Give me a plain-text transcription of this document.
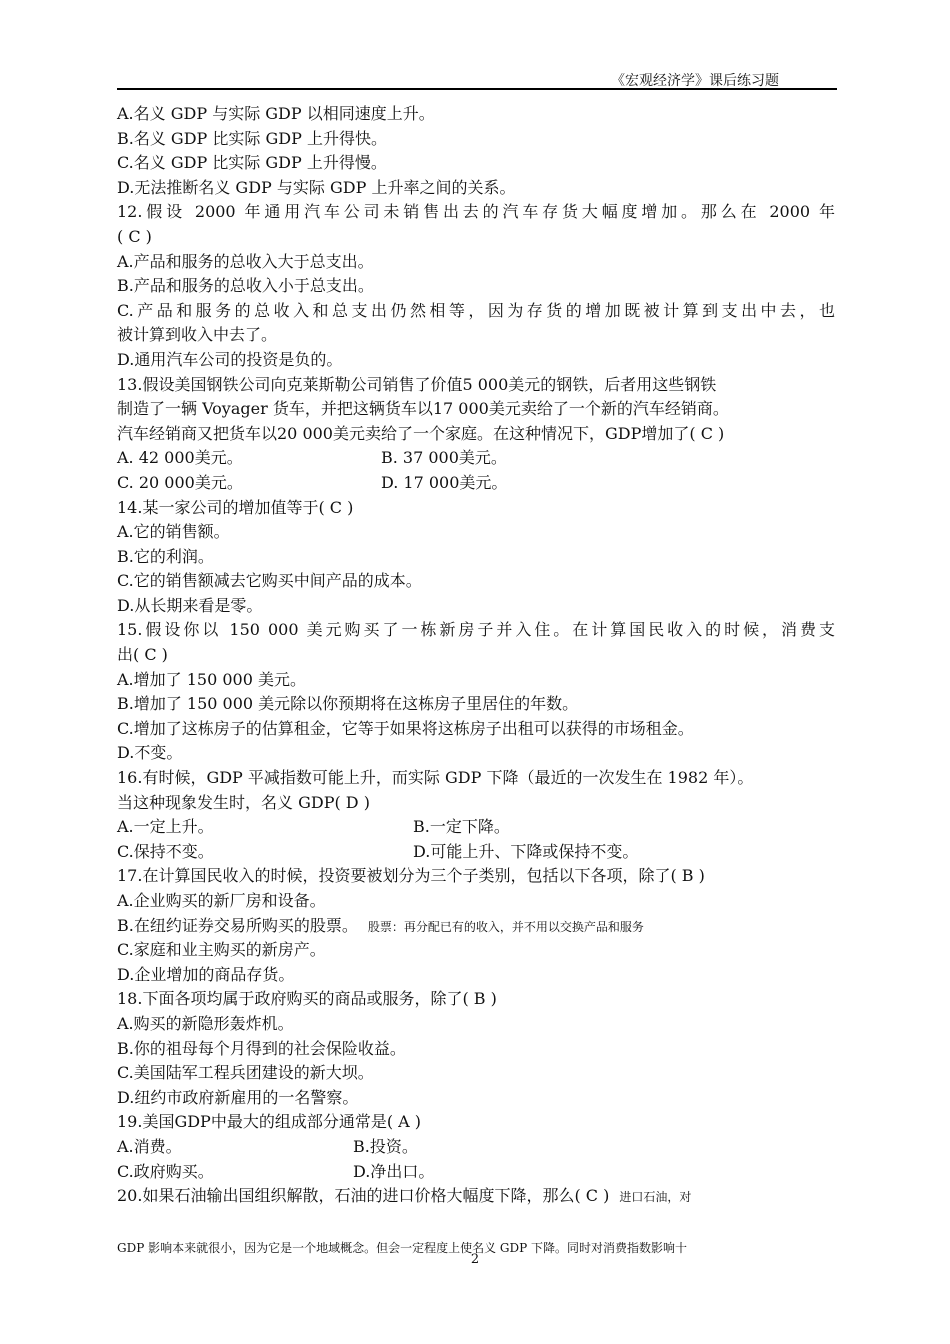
《宏观经济学》课后练习题
A.名义 GDP 与实际 GDP 以相同速度上升。
B.名义 GDP 比实际 GDP 上升得快。
C.名义 GDP 比实际 GDP 上升得慢。
D.无法推断名义 GDP 与实际 GDP 上升率之间的关系。
12.假设 2000 年通用汽车公司未销售出去的汽车存货大幅度增加。那么在 2000 年
( C )
A.产品和服务的总收入大于总支出。
B.产品和服务的总收入小于总支出。
C.产品和服务的总收入和总支出仍然相等，因为存货的增加既被计算到支出中去，也
被计算到收入中去了。
D.通用汽车公司的投资是负的。
13.假设美国钢铁公司向克莱斯勒公司销售了价值5 000美元的钢铁，后者用这些钢铁
制造了一辆 Voyager 货车，并把这辆货车以17 000美元卖给了一个新的汽车经销商。
汽车经销商又把货车以20 000美元卖给了一个家庭。在这种情况下，GDP增加了( C )
A. 42 000美元。	B. 37 000美元。
C. 20 000美元。	D. 17 000美元。
14.某一家公司的增加值等于( C )
A.它的销售额。
B.它的利润。
C.它的销售额减去它购买中间产品的成本。
D.从长期来看是零。
15.假设你以 150 000 美元购买了一栋新房子并入住。在计算国民收入的时候，消费支
出( C )
A.增加了 150 000 美元。
B.增加了 150 000 美元除以你预期将在这栋房子里居住的年数。
C.增加了这栋房子的估算租金，它等于如果将这栋房子出租可以获得的市场租金。
D.不变。
16.有时候，GDP 平减指数可能上升，而实际 GDP 下降（最近的一次发生在 1982 年）。
当这种现象发生时，名义 GDP( D )
A.一定上升。	B.一定下降。
C.保持不变。	D.可能上升、下降或保持不变。
17.在计算国民收入的时候，投资要被划分为三个子类别，包括以下各项，除了( B )
A.企业购买的新厂房和设备。
B.在纽约证券交易所购买的股票。 股票：再分配已有的收入，并不用以交换产品和服务
C.家庭和业主购买的新房产。
D.企业增加的商品存货。
18.下面各项均属于政府购买的商品或服务，除了( B )
A.购买的新隐形轰炸机。
B.你的祖母每个月得到的社会保险收益。
C.美国陆军工程兵团建设的新大坝。
D.纽约市政府新雇用的一名警察。
19.美国GDP中最大的组成部分通常是( A )
A.消费。	B.投资。
C.政府购买。	D.净出口。
20.如果石油输出国组织解散，石油的进口价格大幅度下降，那么( C ) 进口石油，对
GDP 影响本来就很小，因为它是一个地域概念。但会一定程度上使名义 GDP 下降。同时对消费指数影响十
2
